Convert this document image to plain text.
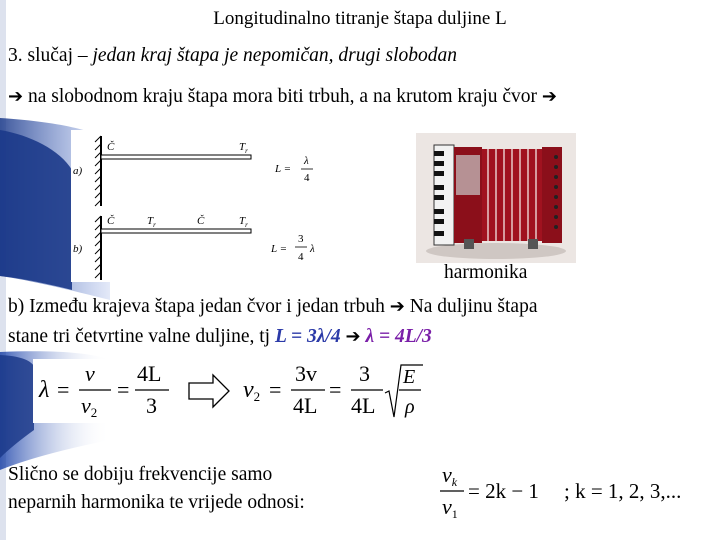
Longitudinalno titranje štapa duljine L
3. slučaj – jedan kraj štapa je nepomičan, drugi slobodan
➔ na slobodnom kraju štapa mora biti trbuh, a na krutom kraju čvor ➔
a)
Č	$T_r$
L =
λ
4
b)
Č	$T_r$	Č	$T_r$
L =
3
4
λ
harmonika
b) Između krajeva štapa jedan čvor i jedan trbuh ➔ Na duljinu štapa
stane tri četvrtine valne duljine, tj L = 3λ/4 ➔ λ = 4L/3
λ =
v
ν2
=
4L
3
ν2 =
3v
4L
=
3
4L
E
ρ
Slično se dobiju frekvencije samo
neparnih harmonika te vrijede odnosi:
νk
ν1
= 2k − 1 ; k = 1, 2, 3,...
